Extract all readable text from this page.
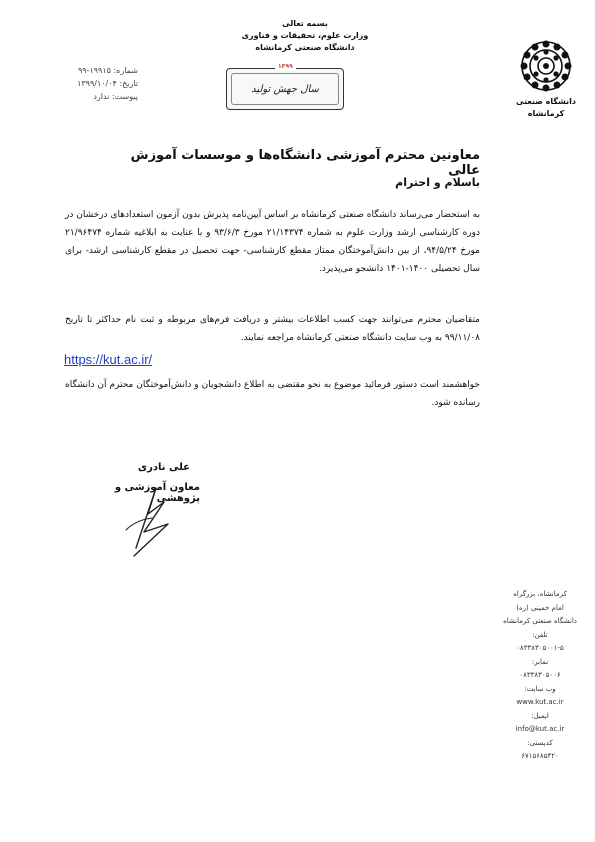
بسمه تعالی
وزارت علوم، تحقیقات و فناوری
دانشگاه صنعتی کرمانشاه
سال جهش تولید
۱۳۹۹
شماره: ۱۹۹۱۵-۹۹
تاریخ: ۱۳۹۹/۱۰/۰۴
پیوست: ندارد
دانشگاه صنعتی
کرمانشاه
معاونین محترم آموزشی دانشگاه‌ها و موسسات آموزش عالی
باسلام و احترام

به استحضار می‌رساند دانشگاه صنعتی کرمانشاه بر اساس آیین‌نامه پذیرش بدون آزمون استعدادهای درخشان در دوره کارشناسی ارشد وزارت علوم به شماره ۲۱/۱۴۳۷۴ مورخ ۹۳/۶/۳ و با عنایت به ابلاغیه شماره ۲۱/۹۶۴۷۴ مورخ ۹۴/۵/۲۴، از بین دانش‌آموختگان ممتاز مقطع کارشناسی- جهت تحصیل در مقطع کارشناسی ارشد- برای سال تحصیلی ۱۴۰۰-۱۴۰۱ دانشجو می‌پذیرد.

متقاضیان محترم می‌توانند جهت کسب اطلاعات بیشتر و دریافت فرم‌های مربوطه و ثبت نام حداکثر تا تاریخ ۹۹/۱۱/۰۸ به وب سایت دانشگاه صنعتی کرمانشاه مراجعه نمایند.

https://kut.ac.ir/

خواهشمند است دستور فرمائید موضوع به نحو مقتضی به اطلاع دانشجویان و دانش‌آموختگان محترم آن دانشگاه رسانده شود.

علی نادری
معاون آموزشی و پژوهشی
کرمانشاه، بزرگراه
امام خمینی (ره)
دانشگاه صنعتی کرمانشاه
تلفن:
۰۸۳۳۸۳۰۵۰۰۱-۵
نمابر:
۰۸۳۳۸۳۰۵۰۰۶
وب سایت:
www.kut.ac.ir
ایمیل:
info@kut.ac.ir
کدپستی:
۶۷۱۵۶۸۵۴۲۰
